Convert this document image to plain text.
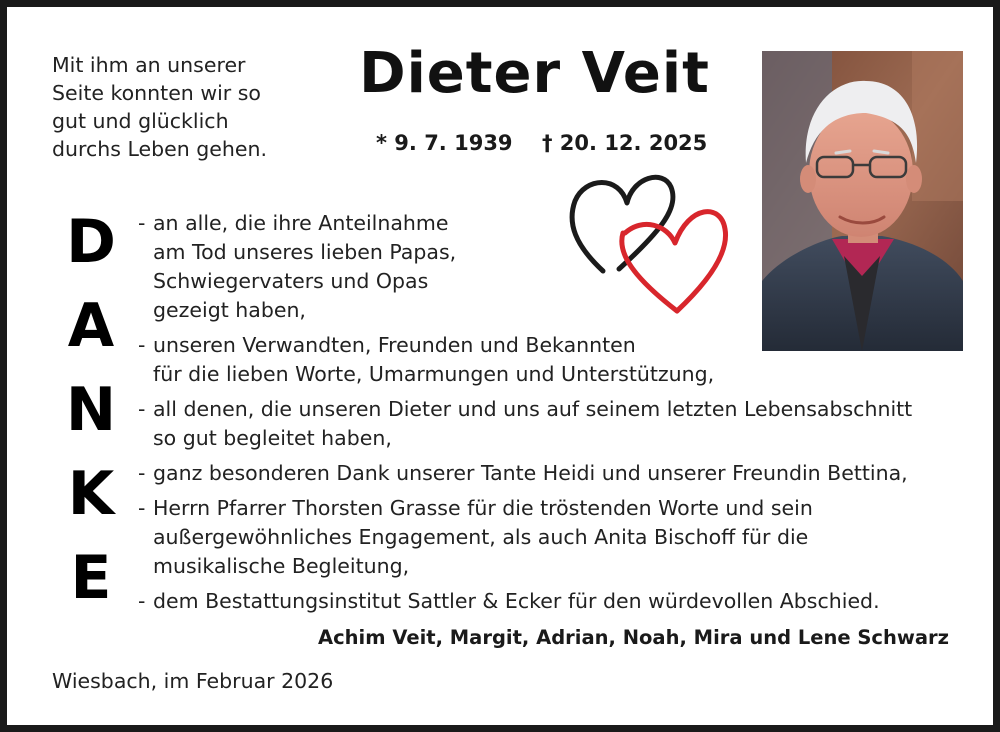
Mit ihm an unserer
Seite konnten wir so
gut und glücklich
durchs Leben gehen.
Dieter Veit
* 9. 7. 1939 † 20. 12. 2025
D
A
N
K
E
- an alle, die ihre Anteilnahme
am Tod unseres lieben Papas,
Schwiegervaters und Opas
gezeigt haben,
- unseren Verwandten, Freunden und Bekannten
für die lieben Worte, Umarmungen und Unterstützung,
- all denen, die unseren Dieter und uns auf seinem letzten Lebensabschnitt
so gut begleitet haben,
- ganz besonderen Dank unserer Tante Heidi und unserer Freundin Bettina,
- Herrn Pfarrer Thorsten Grasse für die tröstenden Worte und sein
außergewöhnliches Engagement, als auch Anita Bischoff für die
musikalische Begleitung,
- dem Bestattungsinstitut Sattler & Ecker für den würdevollen Abschied.
Achim Veit, Margit, Adrian, Noah, Mira und Lene Schwarz
Wiesbach, im Februar 2026
